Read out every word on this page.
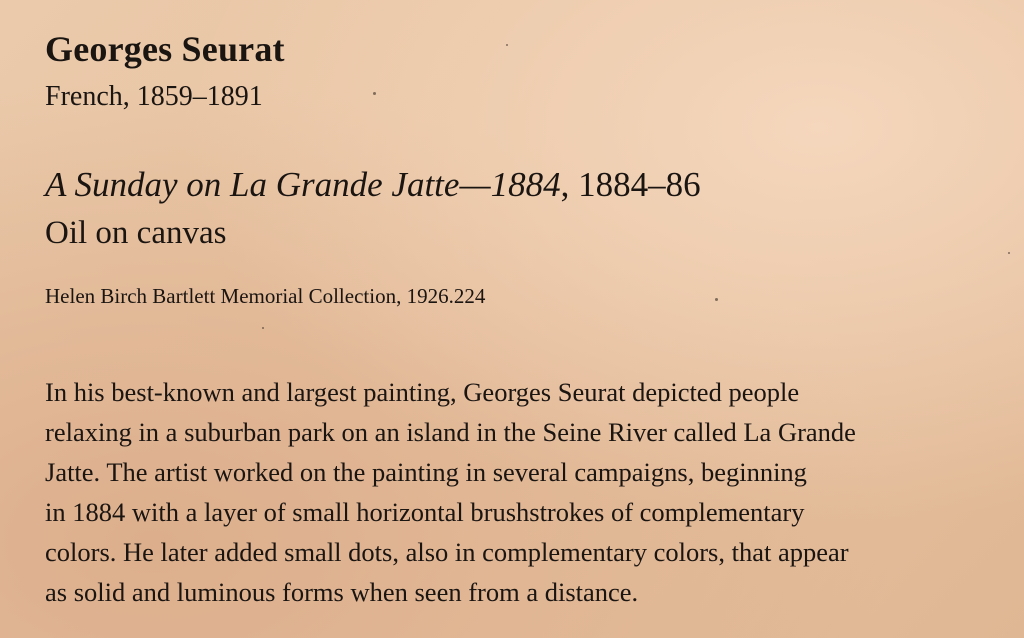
Georges Seurat
French, 1859–1891
A Sunday on La Grande Jatte—1884, 1884–86
Oil on canvas
Helen Birch Bartlett Memorial Collection, 1926.224
In his best-known and largest painting, Georges Seurat depicted people
relaxing in a suburban park on an island in the Seine River called La Grande
Jatte. The artist worked on the painting in several campaigns, beginning
in 1884 with a layer of small horizontal brushstrokes of complementary
colors. He later added small dots, also in complementary colors, that appear
as solid and luminous forms when seen from a distance.
